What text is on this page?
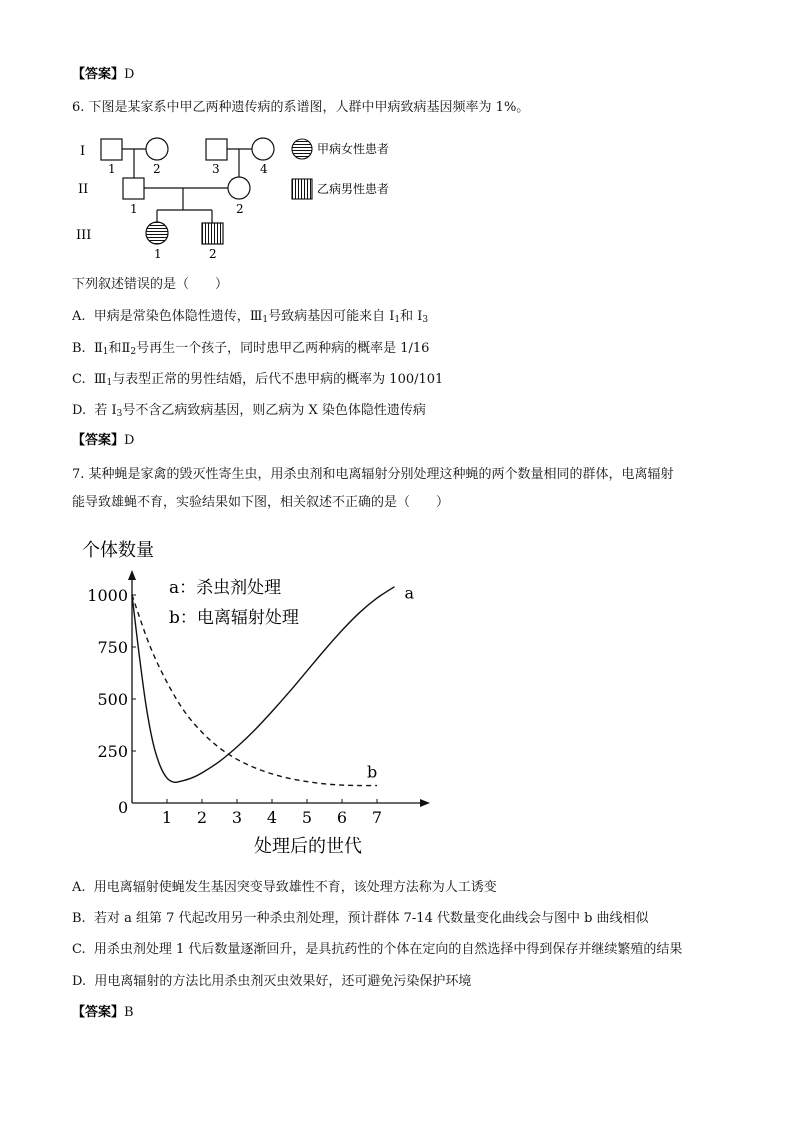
【答案】D
6. 下图是某家系中甲乙两种遗传病的系谱图，人群中甲病致病基因频率为 1%。
I
II
III
1	2	3	4
1	2
1	2
甲病女性患者
乙病男性患者
下列叙述错误的是（　　）
A. 甲病是常染色体隐性遗传，$Ⅲ_1$号致病基因可能来自 $I_1$和 $I_3$
B. $Ⅱ_1$和$Ⅱ_2$号再生一个孩子，同时患甲乙两种病的概率是 1/16
C. $Ⅲ_1$与表型正常的男性结婚，后代不患甲病的概率为 100/101
D. 若 $I_3$号不含乙病致病基因，则乙病为 X 染色体隐性遗传病
【答案】D
7. 某种蝇是家禽的毁灭性寄生虫，用杀虫剂和电离辐射分别处理这种蝇的两个数量相同的群体，电离辐射
能导致雄蝇不育，实验结果如下图，相关叙述不正确的是（　　）
个体数量
处理后的世代
a：杀虫剂处理
b：电离辐射处理
0
1 2 3 4 5 6 7
250
500
750
1000	a
b
A. 用电离辐射使蝇发生基因突变导致雄性不育，该处理方法称为人工诱变
B. 若对 a 组第 7 代起改用另一种杀虫剂处理，预计群体 7-14 代数量变化曲线会与图中 b 曲线相似
C. 用杀虫剂处理 1 代后数量逐渐回升，是具抗药性的个体在定向的自然选择中得到保存并继续繁殖的结果
D. 用电离辐射的方法比用杀虫剂灭虫效果好，还可避免污染保护环境
【答案】B
